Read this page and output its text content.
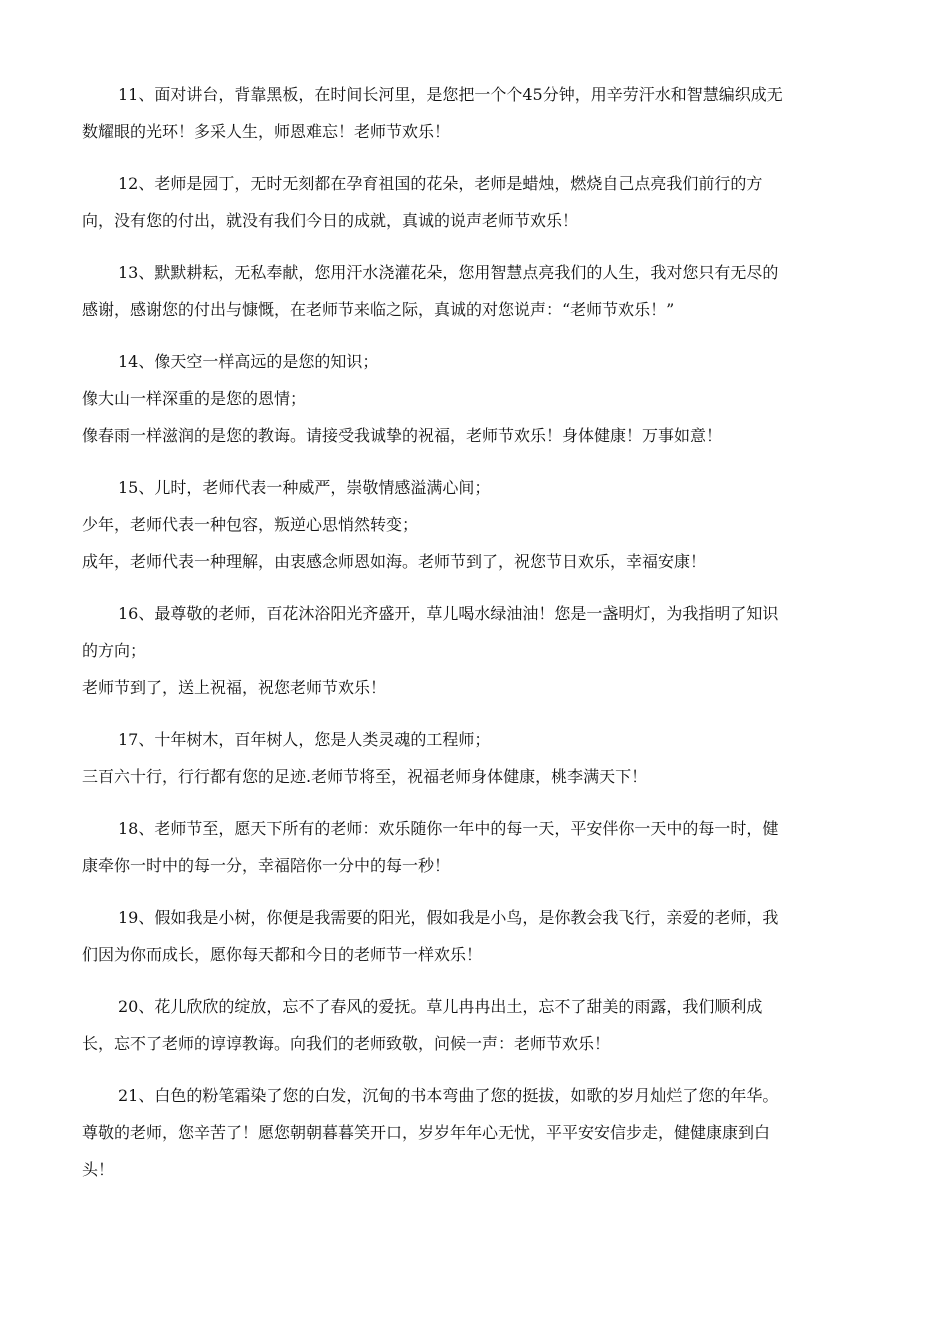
11、面对讲台，背靠黑板，在时间长河里，是您把一个个45分钟，用辛劳汗水和智慧编织成无
数耀眼的光环！多采人生，师恩难忘！老师节欢乐！
12、老师是园丁，无时无刻都在孕育祖国的花朵，老师是蜡烛，燃烧自己点亮我们前行的方
向，没有您的付出，就没有我们今日的成就，真诚的说声老师节欢乐！
13、默默耕耘，无私奉献，您用汗水浇灌花朵，您用智慧点亮我们的人生，我对您只有无尽的
感谢，感谢您的付出与慷慨，在老师节来临之际，真诚的对您说声：“老师节欢乐！”
14、像天空一样高远的是您的知识；
像大山一样深重的是您的恩情；
像春雨一样滋润的是您的教诲。请接受我诚挚的祝福，老师节欢乐！身体健康！万事如意！
15、儿时，老师代表一种威严，崇敬情感溢满心间；
少年，老师代表一种包容，叛逆心思悄然转变；
成年，老师代表一种理解，由衷感念师恩如海。老师节到了，祝您节日欢乐，幸福安康！
16、最尊敬的老师，百花沐浴阳光齐盛开，草儿喝水绿油油！您是一盏明灯，为我指明了知识
的方向；
老师节到了，送上祝福，祝您老师节欢乐！
17、十年树木，百年树人，您是人类灵魂的工程师；
三百六十行，行行都有您的足迹.老师节将至，祝福老师身体健康，桃李满天下！
18、老师节至，愿天下所有的老师：欢乐随你一年中的每一天，平安伴你一天中的每一时，健
康牵你一时中的每一分，幸福陪你一分中的每一秒！
19、假如我是小树，你便是我需要的阳光，假如我是小鸟，是你教会我飞行，亲爱的老师，我
们因为你而成长，愿你每天都和今日的老师节一样欢乐！
20、花儿欣欣的绽放，忘不了春风的爱抚。草儿冉冉出土，忘不了甜美的雨露，我们顺利成
长，忘不了老师的谆谆教诲。向我们的老师致敬，问候一声：老师节欢乐！
21、白色的粉笔霜染了您的白发，沉甸的书本弯曲了您的挺拔，如歌的岁月灿烂了您的年华。
尊敬的老师，您辛苦了！愿您朝朝暮暮笑开口，岁岁年年心无忧，平平安安信步走，健健康康到白
头！
